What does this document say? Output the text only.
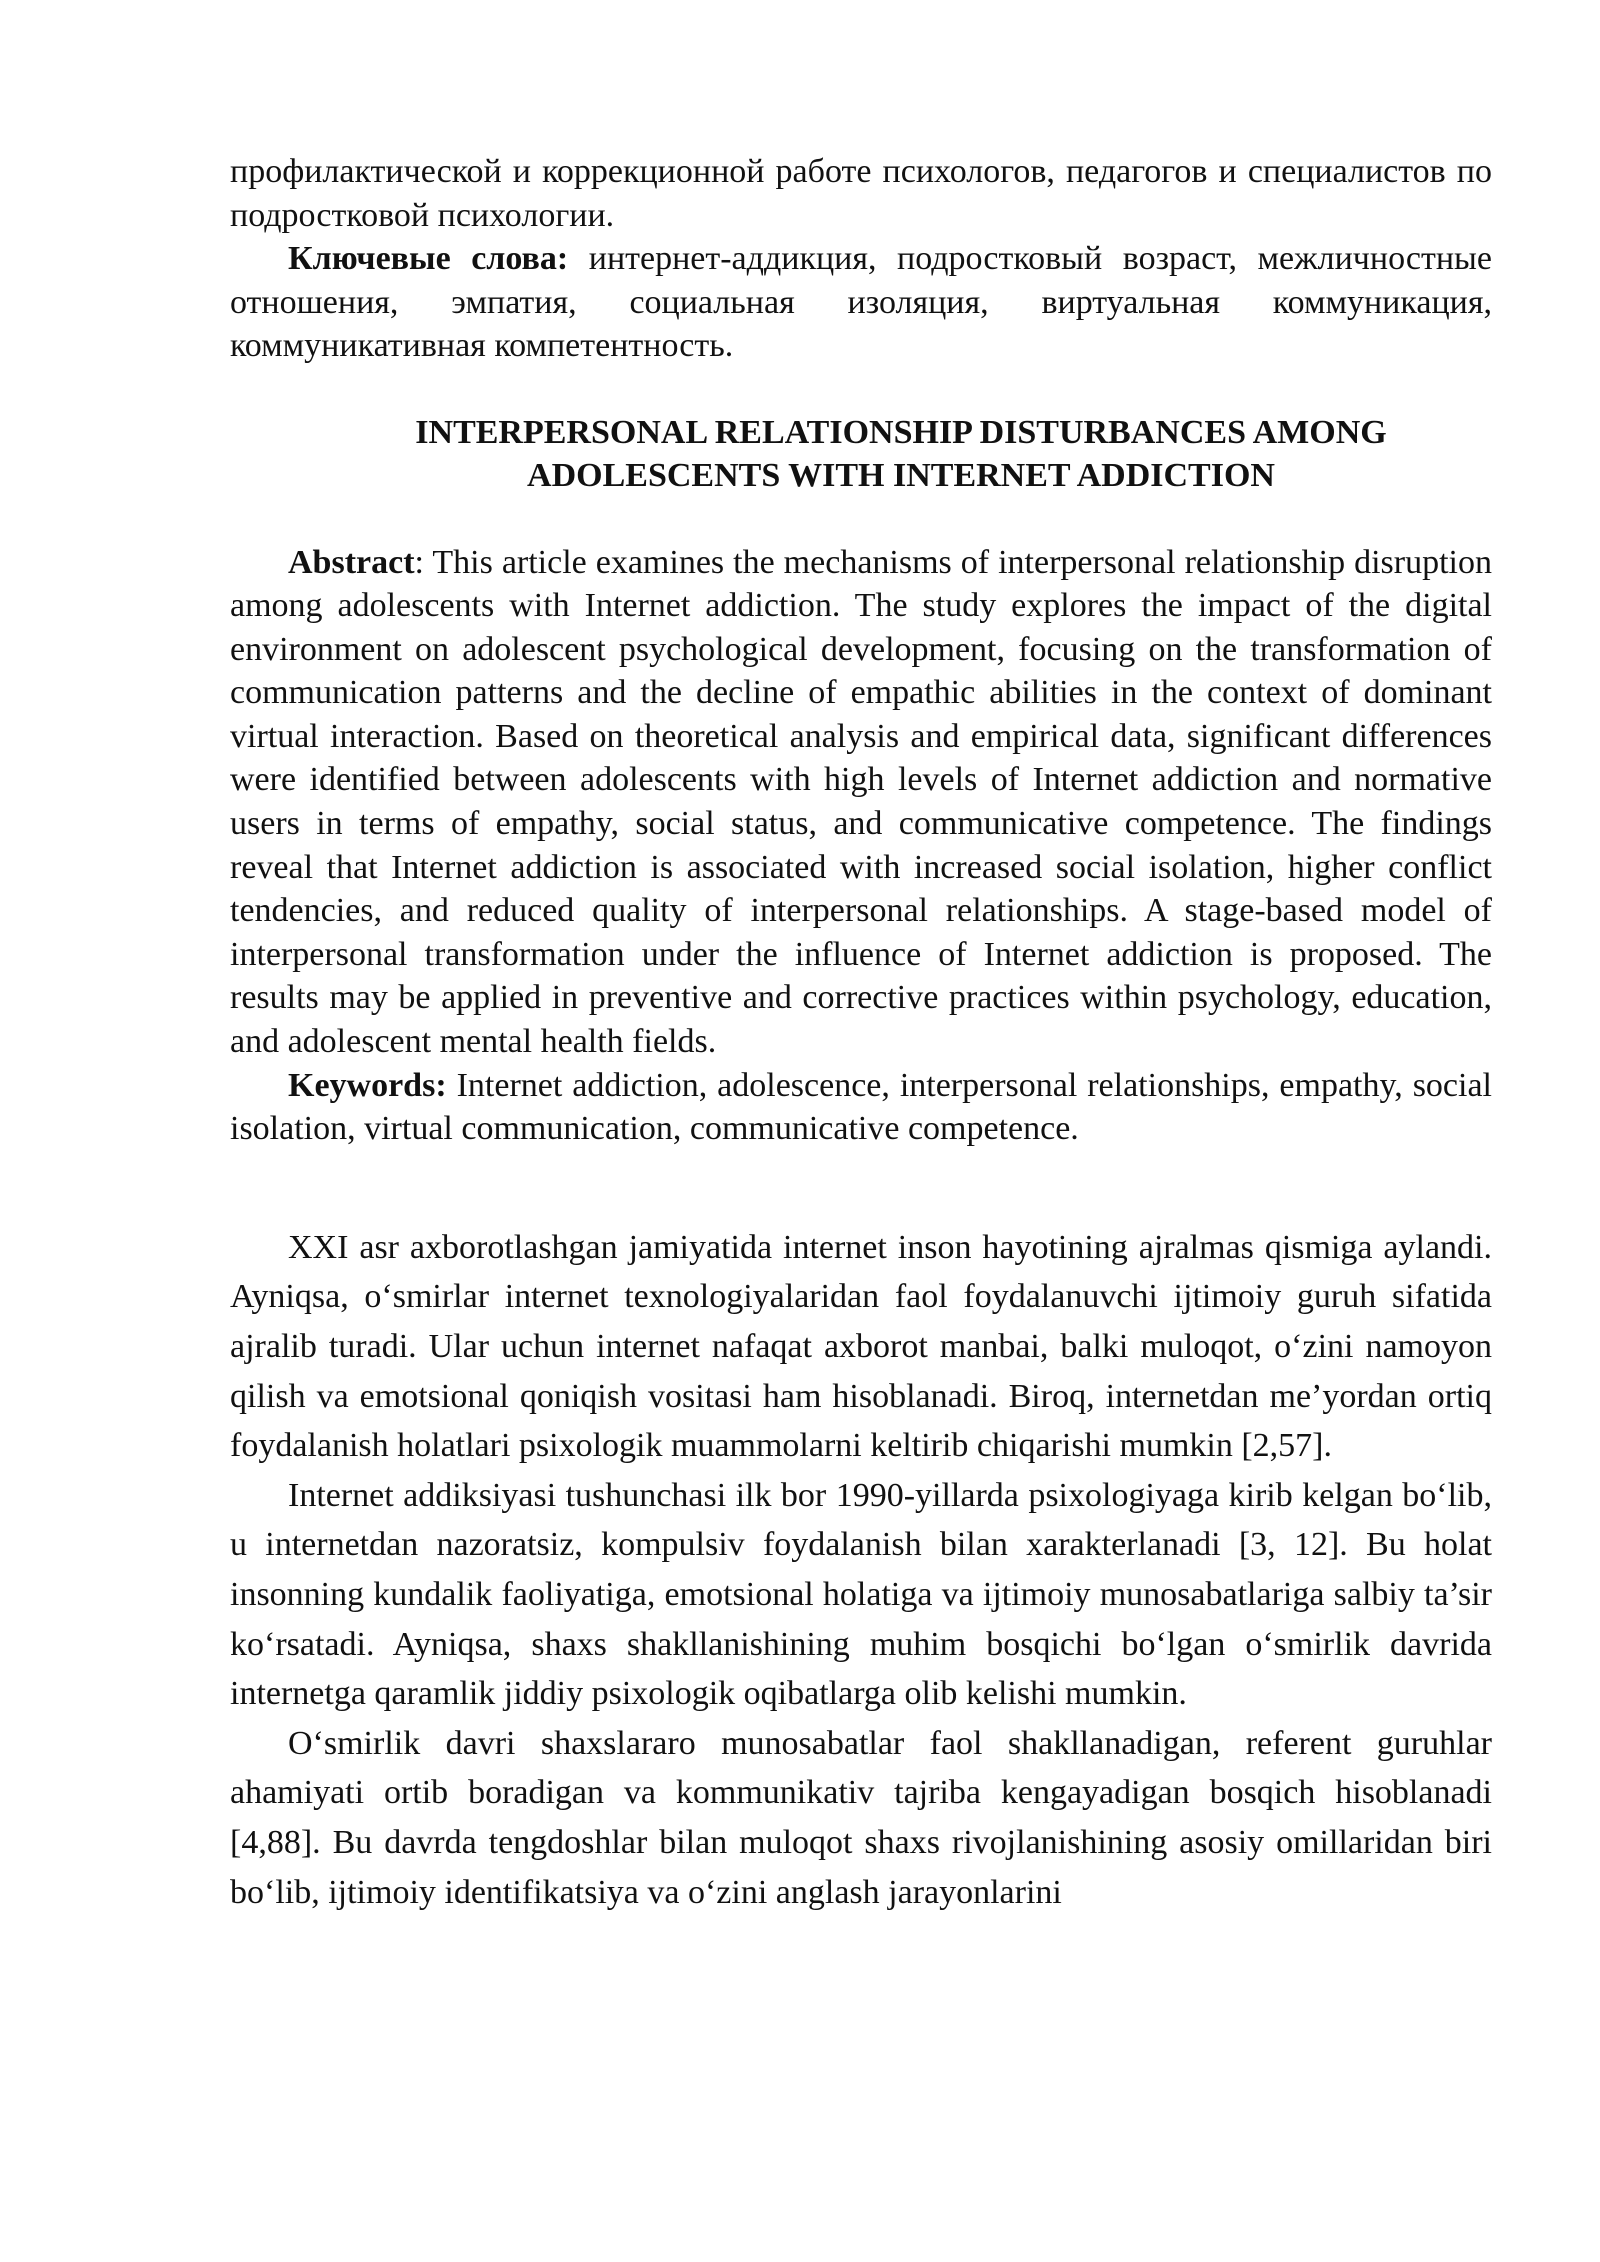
профилактической и коррекционной работе психологов, педагогов и специалистов по подростковой психологии.

Ключевые слова: интернет-аддикция, подростковый возраст, межличностные отношения, эмпатия, социальная изоляция, виртуальная коммуникация, коммуникативная компетентность.

INTERPERSONAL RELATIONSHIP DISTURBANCES AMONG
ADOLESCENTS WITH INTERNET ADDICTION

Abstract: This article examines the mechanisms of interpersonal relationship disruption among adolescents with Internet addiction. The study explores the impact of the digital environment on adolescent psychological development, focusing on the transformation of communication patterns and the decline of empathic abilities in the context of dominant virtual interaction. Based on theoretical analysis and empirical data, significant differences were identified between adolescents with high levels of Internet addiction and normative users in terms of empathy, social status, and communicative competence. The findings reveal that Internet addiction is associated with increased social isolation, higher conflict tendencies, and reduced quality of interpersonal relationships. A stage-based model of interpersonal transformation under the influence of Internet addiction is proposed. The results may be applied in preventive and corrective practices within psychology, education, and adolescent mental health fields.

Keywords: Internet addiction, adolescence, interpersonal relationships, empathy, social isolation, virtual communication, communicative competence.

XXI asr axborotlashgan jamiyatida internet inson hayotining ajralmas qismiga aylandi. Ayniqsa, o‘smirlar internet texnologiyalaridan faol foydalanuvchi ijtimoiy guruh sifatida ajralib turadi. Ular uchun internet nafaqat axborot manbai, balki muloqot, o‘zini namoyon qilish va emotsional qoniqish vositasi ham hisoblanadi. Biroq, internetdan me’yordan ortiq foydalanish holatlari psixologik muammolarni keltirib chiqarishi mumkin [2,57].

Internet addiksiyasi tushunchasi ilk bor 1990-yillarda psixologiyaga kirib kelgan bo‘lib, u internetdan nazoratsiz, kompulsiv foydalanish bilan xarakterlanadi [3, 12]. Bu holat insonning kundalik faoliyatiga, emotsional holatiga va ijtimoiy munosabatlariga salbiy ta’sir ko‘rsatadi. Ayniqsa, shaxs shakllanishining muhim bosqichi bo‘lgan o‘smirlik davrida internetga qaramlik jiddiy psixologik oqibatlarga olib kelishi mumkin.

O‘smirlik davri shaxslararo munosabatlar faol shakllanadigan, referent guruhlar ahamiyati ortib boradigan va kommunikativ tajriba kengayadigan bosqich hisoblanadi [4,88]. Bu davrda tengdoshlar bilan muloqot shaxs rivojlanishining asosiy omillaridan biri bo‘lib, ijtimoiy identifikatsiya va o‘zini anglash jarayonlarini
